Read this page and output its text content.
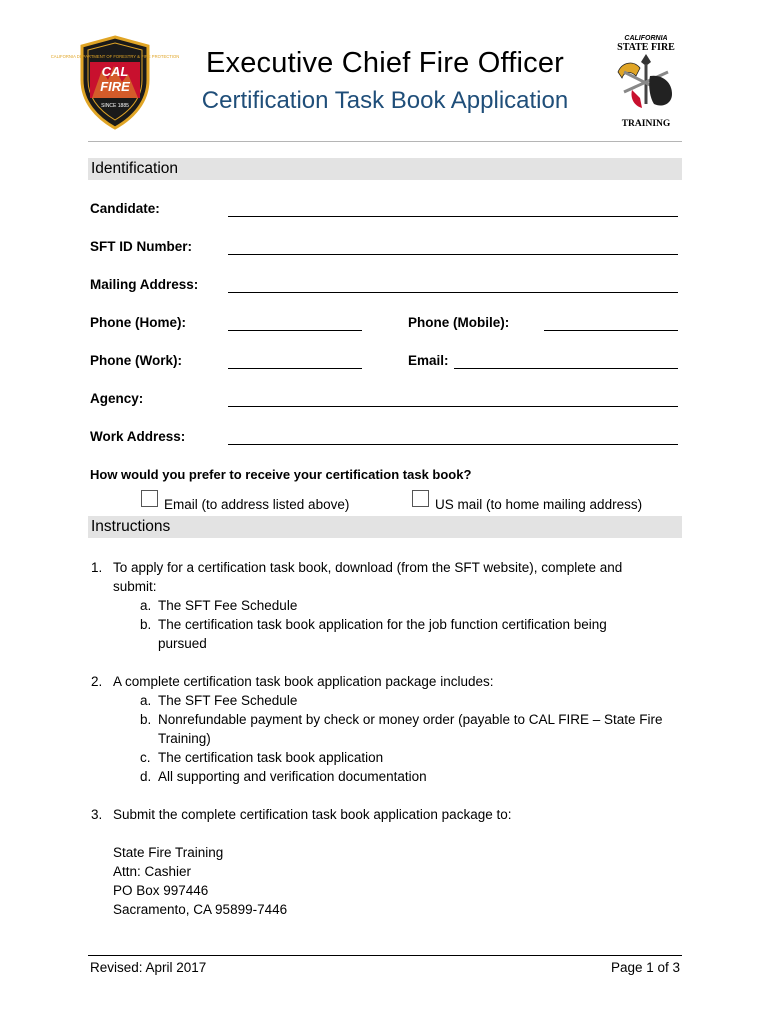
CALIFORNIA DEPARTMENT OF FORESTRY & FIRE PROTECTION
CAL
FIRE
SINCE 1885
CALIFORNIA
STATE FIRE
TRAINING
Executive Chief Fire Officer
Certification Task Book Application
Identification
Candidate:
SFT ID Number:
Mailing Address:
Phone (Home):	Phone (Mobile):
Phone (Work):	Email:
Agency:
Work Address:
How would you prefer to receive your certification task book?
Email (to address listed above)	US mail (to home mailing address)
Instructions
1. To apply for a certification task book, download (from the SFT website), complete and
submit:
a. The SFT Fee Schedule
b. The certification task book application for the job function certification being
pursued
2. A complete certification task book application package includes:
a. The SFT Fee Schedule
b. Nonrefundable payment by check or money order (payable to CAL FIRE – State Fire
Training)
c. The certification task book application
d. All supporting and verification documentation
3. Submit the complete certification task book application package to:
State Fire Training
Attn: Cashier
PO Box 997446
Sacramento, CA 95899-7446
Revised: April 2017	Page 1 of 3
